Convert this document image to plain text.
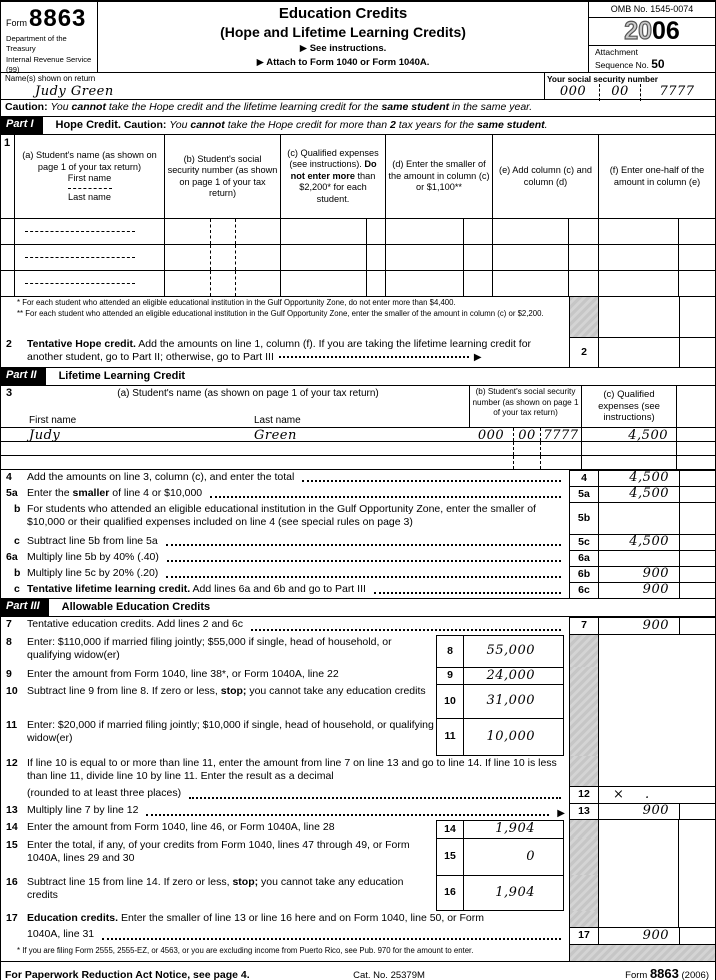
Form8863
Department of the Treasury
Internal Revenue Service (99)
Education Credits
(Hope and Lifetime Learning Credits)
▶ See instructions.
▶ Attach to Form 1040 or Form 1040A.
OMB No. 1545-0074
2006
Attachment
Sequence No. 50
Name(s) shown on return
Judy Green
Your social security number
000	00	7777
Caution: You cannot take the Hope credit and the lifetime learning credit for the same student in the same year.
Part I	Hope Credit. Caution: You cannot take the Hope credit for more than 2 tax years for the same student.
1
(a) Student's name (as shown on page 1 of your tax return)
First name
Last name
(b) Student's social security number (as shown on page 1 of your tax return)
(c) Qualified expenses (see instructions). Do not enter more than $2,200* for each student.
(d) Enter the smaller of the amount in column (c) or $1,100**
(e) Add column (c) and column (d)
(f) Enter one-half of the amount in column (e)
* For each student who attended an eligible educational institution in the Gulf Opportunity Zone, do not enter more than $4,400.
** For each student who attended an eligible educational institution in the Gulf Opportunity Zone, enter the smaller of the amount in column (c) or $2,200.
2	Tentative Hope credit. Add the amounts on line 1, column (f). If you are taking the lifetime learning credit for another student, go to Part II; otherwise, go to Part III	▶	2
Part II	Lifetime Learning Credit
3	(a) Student's name (as shown on page 1 of your tax return)
First name	Last name
(b) Student's social security number (as shown on page 1 of your tax return)
(c) Qualified expenses (see instructions)
Judy	Green	000	00 7777	4,500
4	Add the amounts on line 3, column (c), and enter the total	4	4,500
5a Enter the smaller of line 4 or $10,000	5a	4,500
b For students who attended an eligible educational institution in the Gulf Opportunity Zone, enter the smaller of $10,000 or their qualified expenses included on line 4 (see special rules on page 3)	5b
c Subtract line 5b from line 5a	5c	4,500
6a Multiply line 5b by 40% (.40)	6a
b Multiply line 5c by 20% (.20)	6b	900
c Tentative lifetime learning credit. Add lines 6a and 6b and go to Part III	6c	900
Part III	Allowable Education Credits
7	Tentative education credits. Add lines 2 and 6c	7	900
8	Enter: $110,000 if married filing jointly; $55,000 if single, head of household, or qualifying widow(er)	8	55,000
9	Enter the amount from Form 1040, line 38*, or Form 1040A, line 22	9	24,000
10 Subtract line 9 from line 8. If zero or less, stop; you cannot take any education credits
10	31,000
11 Enter: $20,000 if married filing jointly; $10,000 if single, head of household, or qualifying widow(er)	11	10,000
12 If line 10 is equal to or more than line 11, enter the amount from line 7 on line 13 and go to line 14. If line 10 is less than line 11, divide line 10 by line 11. Enter the result as a decimal
(rounded to at least three places)	12	× .
13 Multiply line 7 by line 12	▶	13	900
14 Enter the amount from Form 1040, line 46, or Form 1040A, line 28	14	1,904
15 Enter the total, if any, of your credits from Form 1040, lines 47 through 49, or Form 1040A, lines 29 and 30	15	0
16 Subtract line 15 from line 14. If zero or less, stop; you cannot take any education credits	16	1,904
17 Education credits. Enter the smaller of line 13 or line 16 here and on Form 1040, line 50, or Form
1040A, line 31	17	900
* If you are filing Form 2555, 2555-EZ, or 4563, or you are excluding income from Puerto Rico, see Pub. 970 for the amount to enter.
For Paperwork Reduction Act Notice, see page 4.	Cat. No. 25379M	Form 8863 (2006)
